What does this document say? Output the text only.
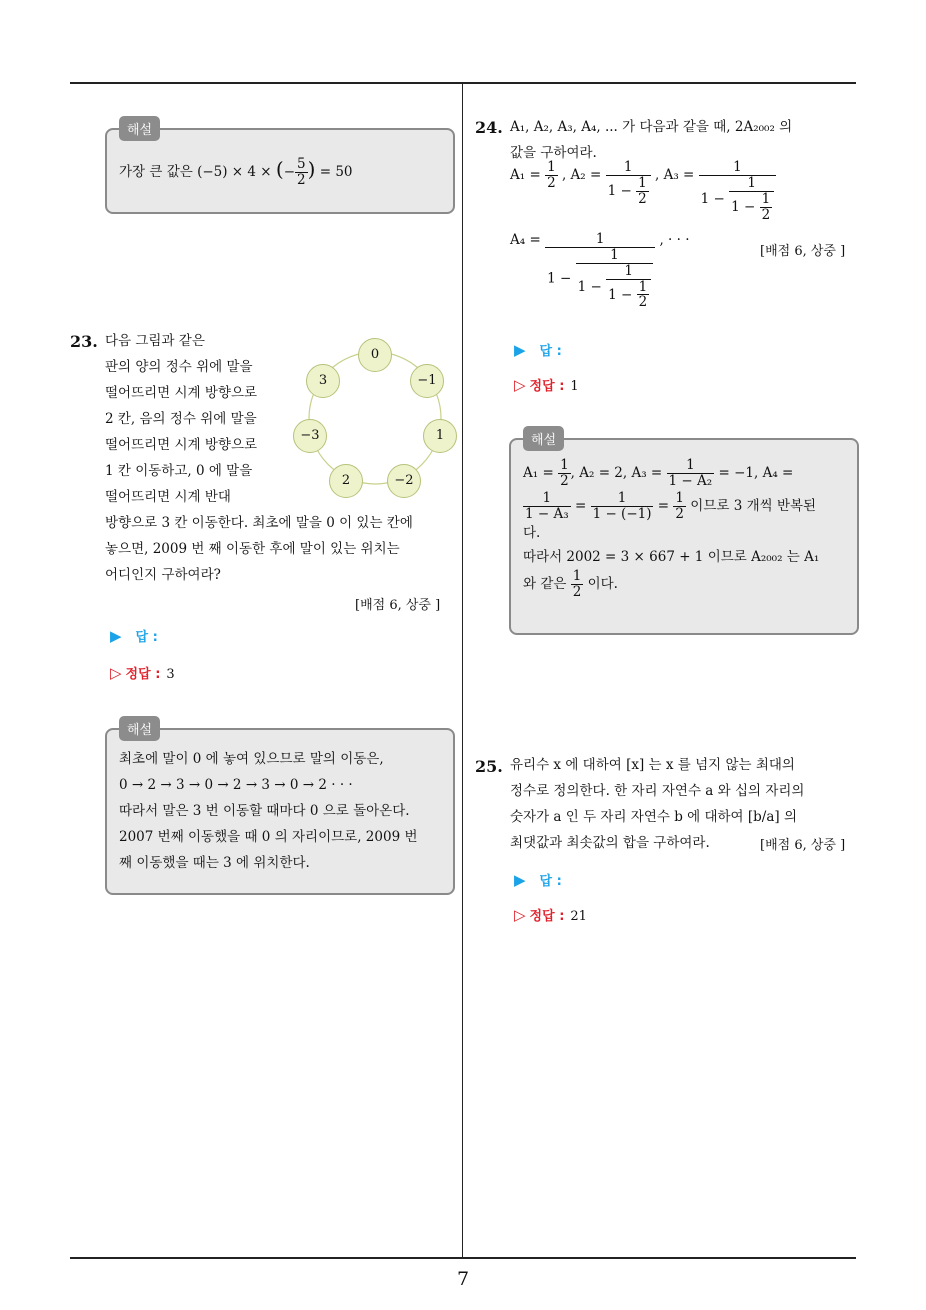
7
해설
가장 큰 값은 (−5) × 4 × (− $\frac{5}{2}$ ) = 50
23. 다음 그림과 같은
판의 양의 정수 위에 말을
떨어뜨리면 시계 방향으로
2 칸, 음의 정수 위에 말을
떨어뜨리면 시계 방향으로
1 칸 이동하고, 0 에 말을
떨어뜨리면 시계 반대
방향으로 3 칸 이동한다. 최초에 말을 0 이 있는 칸에
놓으면, 2009 번 째 이동한 후에 말이 있는 위치는
어디인지 구하여라?
[배점 6, 상중 ]
0
−1
1
−2
2
−3
3
▶ 답 :
▷ 정답 : 3
해설
최초에 말이 0 에 놓여 있으므로 말의 이동은,
0 → 2 → 3 → 0 → 2 → 3 → 0 → 2 · · ·
따라서 말은 3 번 이동할 때마다 0 으로 돌아온다.
2007 번째 이동했을 때 0 의 자리이므로, 2009 번
째 이동했을 때는 3 에 위치한다.
24. A₁, A₂, A₃, A₄, ... 가 다음과 같을 때, 2A₂₀₀₂ 의
값을 구하여라.
$A_1 = \frac{1}{2}$ , $A_2 = \frac{1}{1 - \frac{1}{2}}$ , $A_3 = \frac{1}{1 - \frac{1}{1 - \frac{1}{2}}}$
$A_4 = \frac{1}{1 - \frac{1}{1 - \frac{1}{1 - \frac{1}{2}}}}$ , · · ·
[배점 6, 상중 ]
▶ 답 :
▷ 정답 : 1
해설
$A_1 = \frac{1}{2}$ , A₂ = 2, $A_3 = \frac{1}{\text{1 − A₂}} = -1$, A₄ =
$\frac{1}{\text{1 − A₃}} = \frac{1}{1 - (-1)} = \frac{1}{2}$ 이므로 3 개씩 반복된
다.
따라서 2002 = 3 × 667 + 1 이므로 A₂₀₀₂ 는 A₁
와 같은 $\frac{1}{2}$ 이다.
25. 유리수 x 에 대하여 [x] 는 x 를 넘지 않는 최대의
정수로 정의한다. 한 자리 자연수 a 와 십의 자리의
숫자가 a 인 두 자리 자연수 b 에 대하여 [b/a] 의
최댓값과 최솟값의 합을 구하여라.	[배점 6, 상중 ]
▶ 답 :
▷ 정답 : 21
